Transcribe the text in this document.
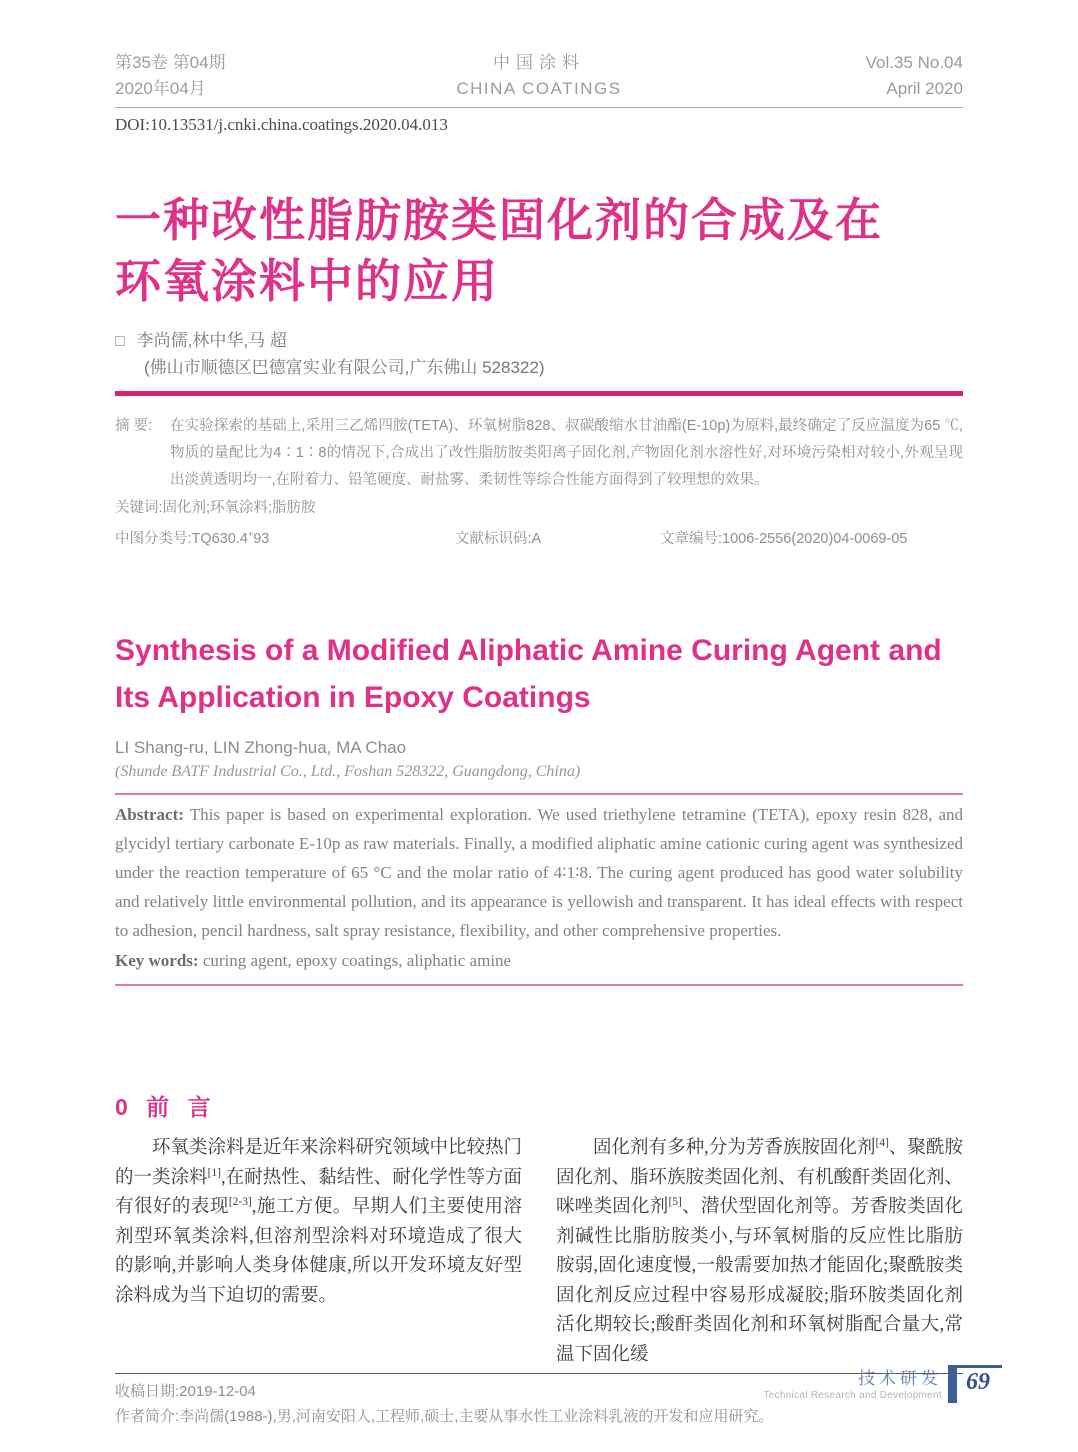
第35卷 第04期
2020年04月
中国涂料
CHINA COATINGS
Vol.35 No.04
April 2020
DOI:10.13531/j.cnki.china.coatings.2020.04.013
一种改性脂肪胺类固化剂的合成及在
环氧涂料中的应用
□ 李尚儒,林中华,马 超
(佛山市顺德区巴德富实业有限公司,广东佛山 528322)
摘 要:	在实验探索的基础上,采用三乙烯四胺(TETA)、环氧树脂828、叔碳酸缩水甘油酯(E-10p)为原料,最终确定了反应温度为65 ℃,物质的量配比为4∶1∶8的情况下,合成出了改性脂肪胺类阳离子固化剂,产物固化剂水溶性好,对环境污染相对较小,外观呈现出淡黄透明均一,在附着力、铅笔硬度、耐盐雾、柔韧性等综合性能方面得到了较理想的效果。
关键词:固化剂;环氧涂料;脂肪胺
中图分类号:TQ630.4+93	文献标识码:A	文章编号:1006-2556(2020)04-0069-05
Synthesis of a Modified Aliphatic Amine Curing Agent and
Its Application in Epoxy Coatings
LI Shang-ru, LIN Zhong-hua, MA Chao
(Shunde BATF Industrial Co., Ltd., Foshan 528322, Guangdong, China)
Abstract: This paper is based on experimental exploration. We used triethylene tetramine (TETA), epoxy resin 828, and glycidyl tertiary carbonate E-10p as raw materials. Finally, a modified aliphatic amine cationic curing agent was synthesized under the reaction temperature of 65 °C and the molar ratio of 4∶1∶8. The curing agent produced has good water solubility and relatively little environmental pollution, and its appearance is yellowish and transparent. It has ideal effects with respect to adhesion, pencil hardness, salt spray resistance, flexibility, and other comprehensive properties.
Key words: curing agent, epoxy coatings, aliphatic amine
0 前 言
环氧类涂料是近年来涂料研究领域中比较热门的一类涂料[1],在耐热性、黏结性、耐化学性等方面有很好的表现[2-3],施工方便。早期人们主要使用溶剂型环氧类涂料,但溶剂型涂料对环境造成了很大的影响,并影响人类身体健康,所以开发环境友好型涂料成为当下迫切的需要。
固化剂有多种,分为芳香族胺固化剂[4]、聚酰胺固化剂、脂环族胺类固化剂、有机酸酐类固化剂、咪唑类固化剂[5]、潜伏型固化剂等。芳香胺类固化剂碱性比脂肪胺类小,与环氧树脂的反应性比脂肪胺弱,固化速度慢,一般需要加热才能固化;聚酰胺类固化剂反应过程中容易形成凝胶;脂环胺类固化剂活化期较长;酸酐类固化剂和环氧树脂配合量大,常温下固化缓
收稿日期:2019-12-04
作者简介:李尚儒(1988-),男,河南安阳人,工程师,硕士,主要从事水性工业涂料乳液的开发和应用研究。
技术研发
Technical Research and Development
69
